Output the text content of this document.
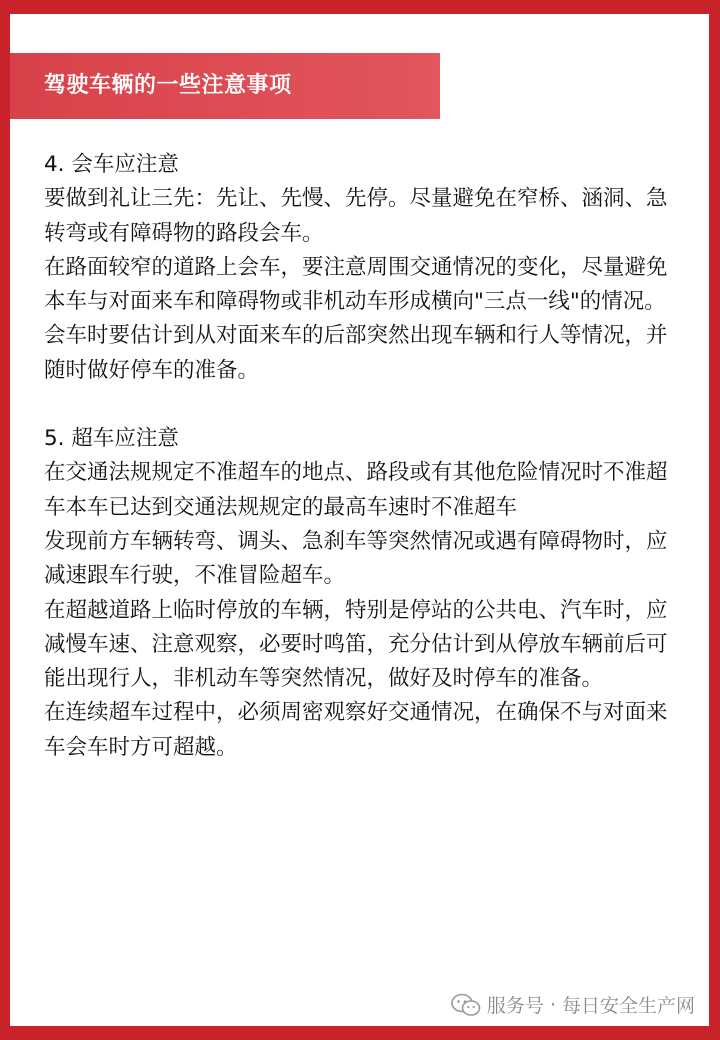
驾驶车辆的一些注意事项

4. 会车应注意

要做到礼让三先：先让、先慢、先停。尽量避免在窄桥、涵洞、急转弯或有障碍物的路段会车。

在路面较窄的道路上会车，要注意周围交通情况的变化，尽量避免本车与对面来车和障碍物或非机动车形成横向"三点一线"的情况。

会车时要估计到从对面来车的后部突然出现车辆和行人等情况，并随时做好停车的准备。

5. 超车应注意

在交通法规规定不准超车的地点、路段或有其他危险情况时不准超车本车已达到交通法规规定的最高车速时不准超车

发现前方车辆转弯、调头、急刹车等突然情况或遇有障碍物时，应减速跟车行驶，不准冒险超车。

在超越道路上临时停放的车辆，特别是停站的公共电、汽车时，应减慢车速、注意观察，必要时鸣笛，充分估计到从停放车辆前后可能出现行人，非机动车等突然情况，做好及时停车的准备。

在连续超车过程中，必须周密观察好交通情况，在确保不与对面来车会车时方可超越。

服务号 · 每日安全生产网
